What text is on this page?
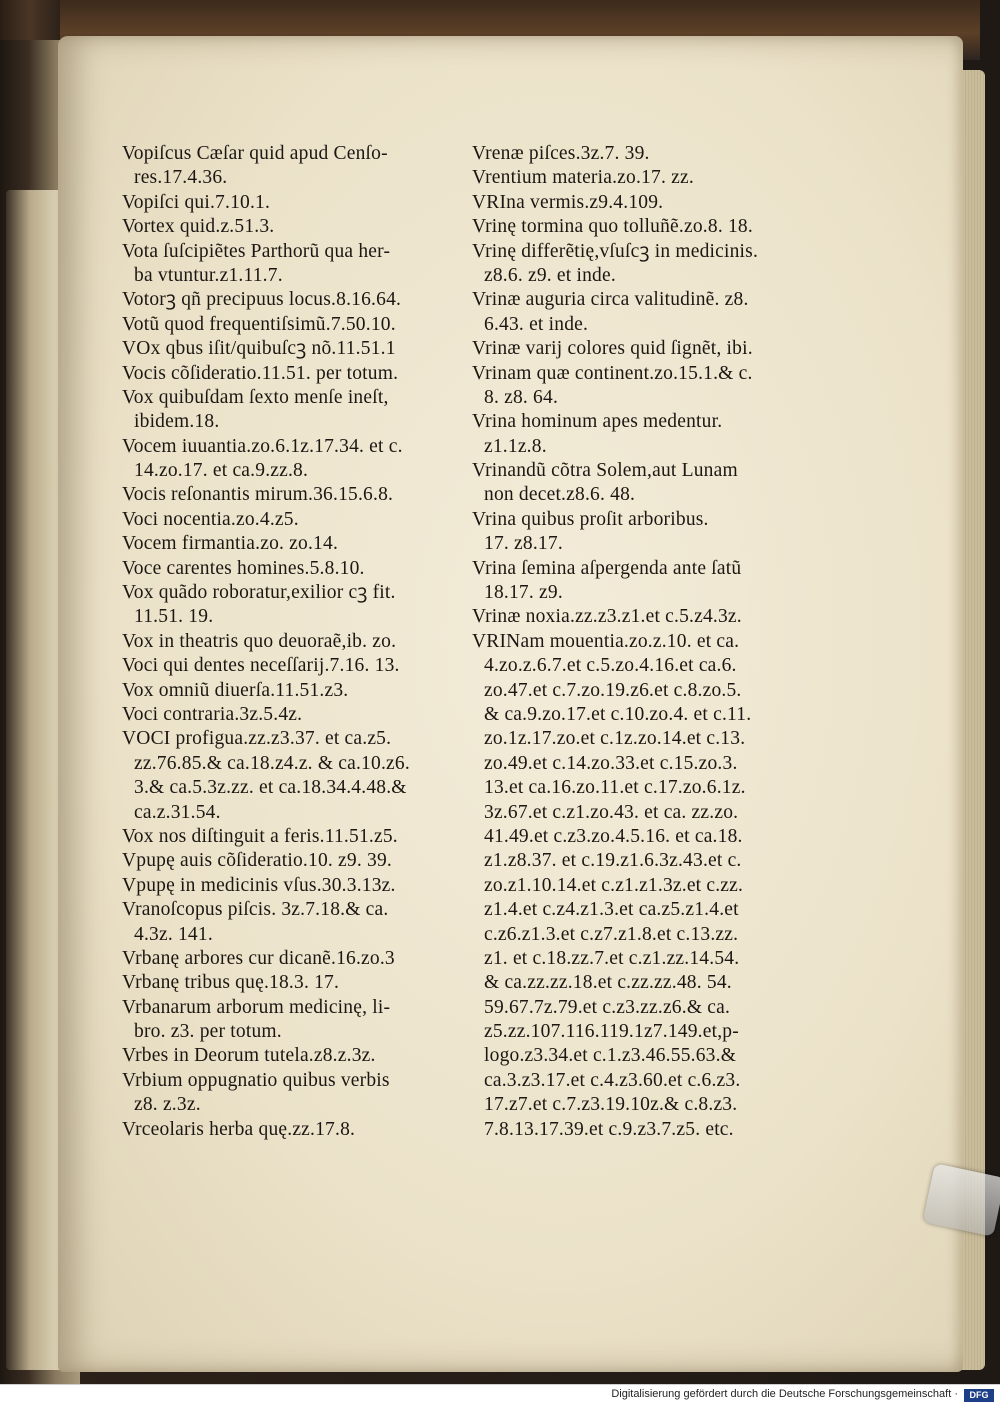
Vopiſcus Cæſar quid apud Cenſo-
res.17.4.36.
Vopiſci qui.7.10.1.
Vortex quid.z.51.3.
Vota ſuſcipiẽtes Parthorũ qua her-
ba vtuntur.z1.11.7.
Votorꝫ qñ precipuus locus.8.16.64.
Votũ quod frequentiſsimũ.7.50.10.
VOx qbus iſit/quibuſcꝫ nõ.11.51.1
Vocis cõſideratio.11.51. per totum.
Vox quibuſdam ſexto menſe ineſt,
ibidem.18.
Vocem iuuantia.zo.6.1z.17.34. et c.
14.zo.17. et ca.9.zz.8.
Vocis reſonantis mirum.36.15.6.8.
Voci nocentia.zo.4.z5.
Vocem firmantia.zo. zo.14.
Voce carentes homines.5.8.10.
Vox quãdo roboratur,exilior cꝫ fit.
11.51. 19.
Vox in theatris quo deuoraẽ,ib. zo.
Voci qui dentes neceſſarij.7.16. 13.
Vox omniũ diuerſa.11.51.z3.
Voci contraria.3z.5.4z.
VOCI profigua.zz.z3.37. et ca.z5.
zz.76.85.& ca.18.z4.z. & ca.10.z6.
3.& ca.5.3z.zz. et ca.18.34.4.48.&
ca.z.31.54.
Vox nos diſtinguit a feris.11.51.z5.
Vpupę auis cõſideratio.10. z9. 39.
Vpupę in medicinis vſus.30.3.13z.
Vranoſcopus piſcis. 3z.7.18.& ca.
4.3z. 141.
Vrbanę arbores cur dicanẽ.16.zo.3
Vrbanę tribus quę.18.3. 17.
Vrbanarum arborum medicinę, li-
bro. z3. per totum.
Vrbes in Deorum tutela.z8.z.3z.
Vrbium oppugnatio quibus verbis
z8. z.3z.
Vrceolaris herba quę.zz.17.8.
Vrenæ piſces.3z.7. 39.
Vrentium materia.zo.17. zz.
VRIna vermis.z9.4.109.
Vrinę tormina quo tolluñẽ.zo.8. 18.
Vrinę differẽtię,vſuſcꝫ in medicinis.
z8.6. z9. et inde.
Vrinæ auguria circa valitudinẽ. z8.
6.43. et inde.
Vrinæ varij colores quid ſignẽt, ibi.
Vrinam quæ continent.zo.15.1.& c.
8. z8. 64.
Vrina hominum apes medentur.
z1.1z.8.
Vrinandũ cõtra Solem,aut Lunam
non decet.z8.6. 48.
Vrina quibus proſit arboribus.
17. z8.17.
Vrina ſemina aſpergenda ante ſatũ
18.17. z9.
Vrinæ noxia.zz.z3.z1.et c.5.z4.3z.
VRINam mouentia.zo.z.10. et ca.
4.zo.z.6.7.et c.5.zo.4.16.et ca.6.
zo.47.et c.7.zo.19.z6.et c.8.zo.5.
& ca.9.zo.17.et c.10.zo.4. et c.11.
zo.1z.17.zo.et c.1z.zo.14.et c.13.
zo.49.et c.14.zo.33.et c.15.zo.3.
13.et ca.16.zo.11.et c.17.zo.6.1z.
3z.67.et c.z1.zo.43. et ca. zz.zo.
41.49.et c.z3.zo.4.5.16. et ca.18.
z1.z8.37. et c.19.z1.6.3z.43.et c.
zo.z1.10.14.et c.z1.z1.3z.et c.zz.
z1.4.et c.z4.z1.3.et ca.z5.z1.4.et
c.z6.z1.3.et c.z7.z1.8.et c.13.zz.
z1. et c.18.zz.7.et c.z1.zz.14.54.
& ca.zz.zz.18.et c.zz.zz.48. 54.
59.67.7z.79.et c.z3.zz.z6.& ca.
z5.zz.107.116.119.1z7.149.et,p-
logo.z3.34.et c.1.z3.46.55.63.&
ca.3.z3.17.et c.4.z3.60.et c.6.z3.
17.z7.et c.7.z3.19.10z.& c.8.z3.
7.8.13.17.39.et c.9.z3.7.z5. etc.
Digitalisierung gefördert durch die Deutsche Forschungsgemeinschaft ·	DFG
